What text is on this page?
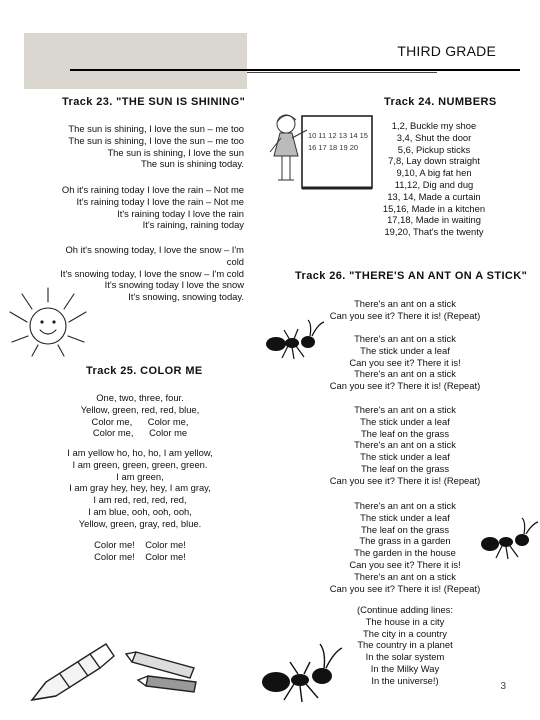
THIRD GRADE
Track 23. "THE SUN IS SHINING"
The sun is shining, I love the sun – me too
The sun is shining, I love the sun – me too
The sun is shining, I love the sun
The sun is shining today.
Oh it's raining today I love the rain – Not me
It's raining today I love the rain – Not me
It's raining today I love the rain
It's raining, raining today
Oh it's snowing today, I love the snow – I'm
cold
It's snowing today, I love the snow – I'm cold
It's snowing today I love the snow
It's snowing, snowing today.
Track 24. NUMBERS
10 11 12 13 14 15
16 17 18 19 20
1,2, Buckle my shoe
3,4, Shut the door
5,6, Pickup sticks
7,8, Lay down straight
9,10, A big fat hen
11,12, Dig and dug
13, 14, Made a curtain
15,16, Made in a kitchen
17,18, Made in waiting
19,20, That's the twenty
Track 25. COLOR ME
One, two, three, four.
Yellow, green, red, red, blue,
Color me,      Color me,
Color me,      Color me
I am yellow ho, ho, ho, I am yellow,
I am green, green, green, green.
I am green,
I am gray hey, hey, hey, I am gray,
I am red, red, red, red,
I am blue, ooh, ooh, ooh,
Yellow, green, gray, red, blue.
Color me!    Color me!
Color me!    Color me!
Track 26. "THERE'S AN ANT ON A STICK"
There's an ant on a stick
Can you see it? There it is! (Repeat)
There's an ant on a stick
The stick under a leaf
Can you see it? There it is!
There's an ant on a stick
Can you see it? There it is! (Repeat)
There's an ant on a stick
The stick under a leaf
The leaf on the grass
There's an ant on a stick
The stick under a leaf
The leaf on the grass
Can you see it? There it is! (Repeat)
There's an ant on a stick
The stick under a leaf
The leaf on the grass
The grass in a garden
The garden in the house
Can you see it? There it is!
There's an ant on a stick
Can you see it? There it is! (Repeat)
(Continue adding lines:
The house in a city
The city in a country
The country in a planet
In the solar system
In the Milky Way
In the universe!)
3
